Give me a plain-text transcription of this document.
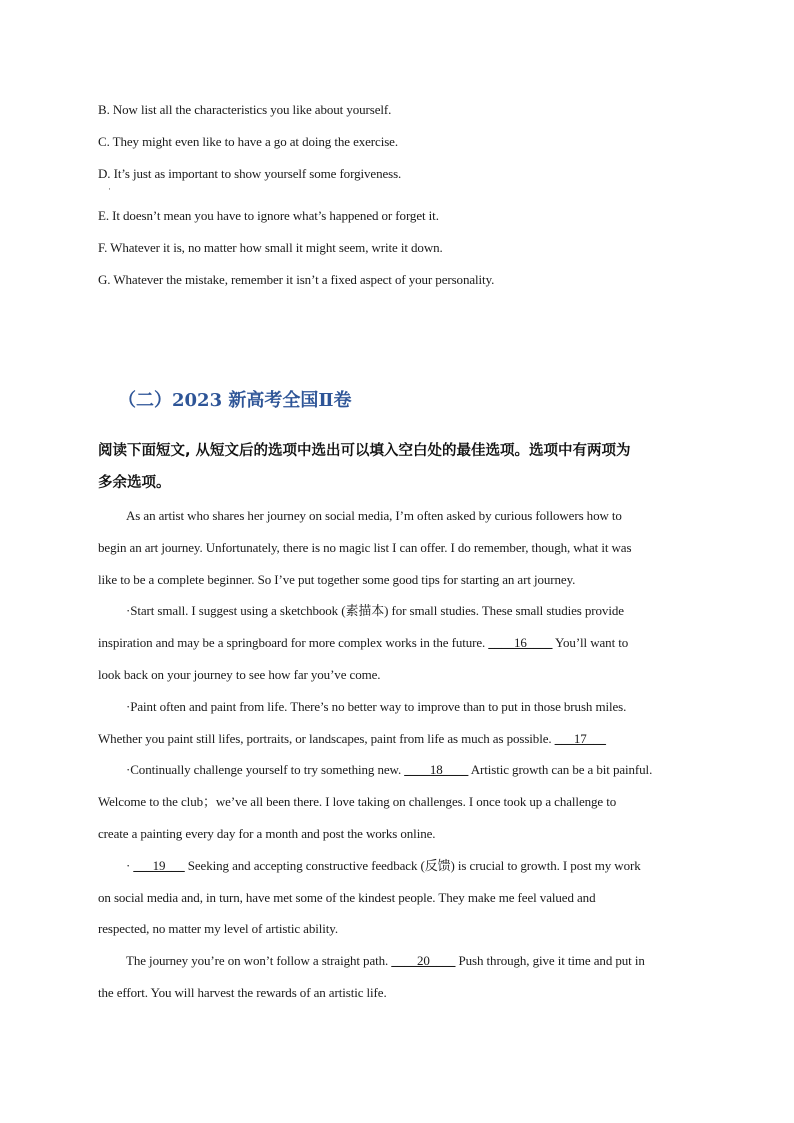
B. Now list all the characteristics you like about yourself.
C. They might even like to have a go at doing the exercise.
D. It’s just as important to show yourself some forgiveness.
·
E. It doesn’t mean you have to ignore what’s happened or forget it.
F. Whatever it is, no matter how small it might seem, write it down.
G. Whatever the mistake, remember it isn’t a fixed aspect of your personality.
（二）2023 新高考全国Ⅱ卷
阅读下面短文, 从短文后的选项中选出可以填入空白处的最佳选项。选项中有两项为
多余选项。
As an artist who shares her journey on social media, I’m often asked by curious followers how to
begin an art journey. Unfortunately, there is no magic list I can offer. I do remember, though, what it was
like to be a complete beginner. So I’ve put together some good tips for starting an art journey.
·Start small. I suggest using a sketchbook (素描本) for small studies. These small studies provide
inspiration and may be a springboard for more complex works in the future. ____16____ You’ll want to
look back on your journey to see how far you’ve come.
·Paint often and paint from life. There’s no better way to improve than to put in those brush miles.
Whether you paint still lifes, portraits, or landscapes, paint from life as much as possible. ___17___
·Continually challenge yourself to try something new. ____18____ Artistic growth can be a bit painful.
Welcome to the club；we’ve all been there. I love taking on challenges. I once took up a challenge to
create a painting every day for a month and post the works online.
· ___19___ Seeking and accepting constructive feedback (反馈) is crucial to growth. I post my work
on social media and, in turn, have met some of the kindest people. They make me feel valued and
respected, no matter my level of artistic ability.
The journey you’re on won’t follow a straight path. ____20____ Push through, give it time and put in
the effort. You will harvest the rewards of an artistic life.
